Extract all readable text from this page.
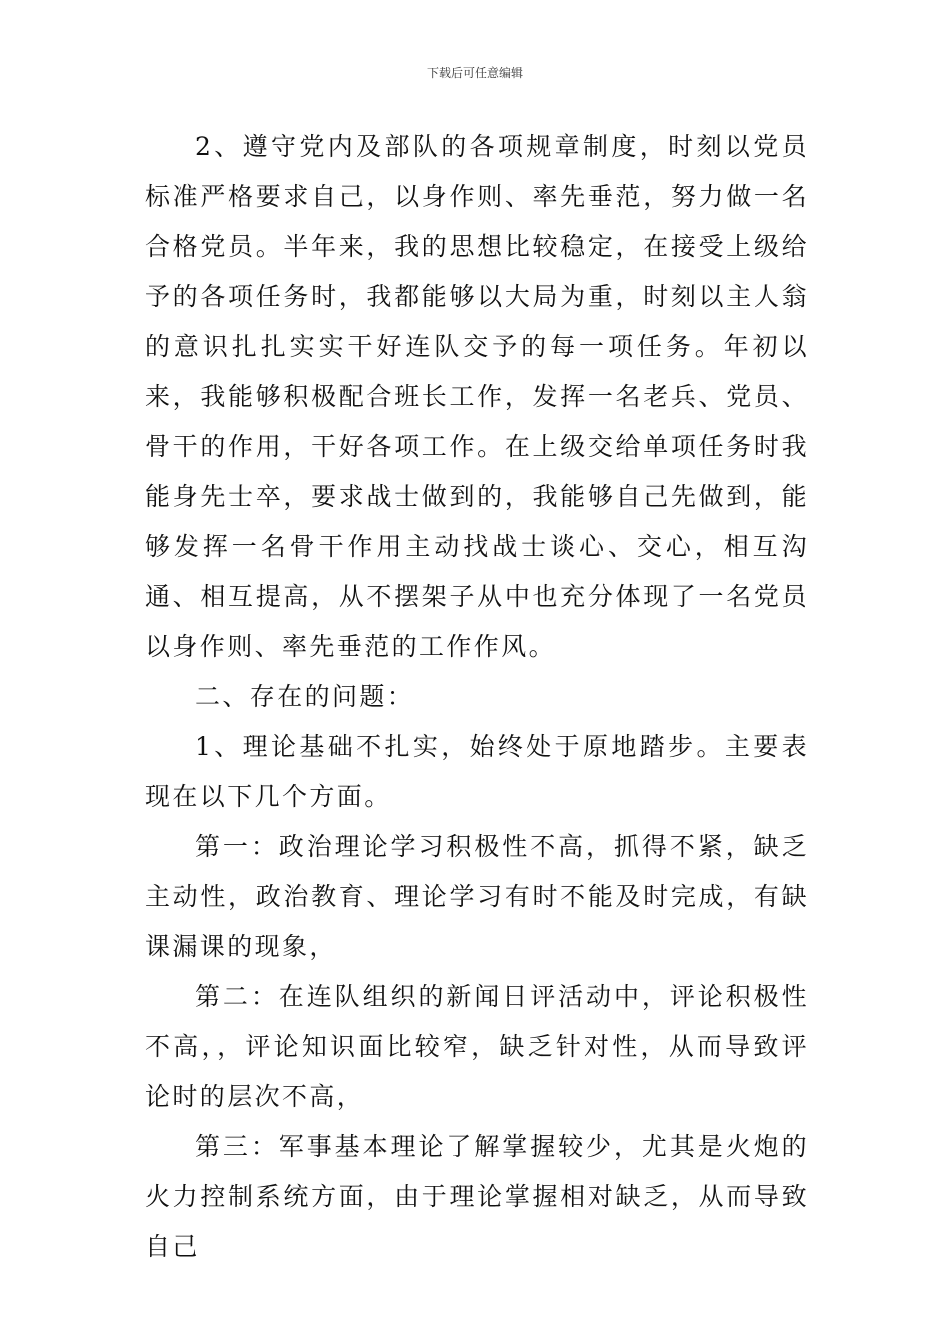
下载后可任意编辑

2、遵守党内及部队的各项规章制度，时刻以党员标准严格要求自己，以身作则、率先垂范，努力做一名合格党员。半年来，我的思想比较稳定，在接受上级给予的各项任务时，我都能够以大局为重，时刻以主人翁的意识扎扎实实干好连队交予的每一项任务。年初以来，我能够积极配合班长工作，发挥一名老兵、党员、骨干的作用，干好各项工作。在上级交给单项任务时我能身先士卒，要求战士做到的，我能够自己先做到，能够发挥一名骨干作用主动找战士谈心、交心，相互沟通、相互提高，从不摆架子从中也充分体现了一名党员以身作则、率先垂范的工作作风。

二、存在的问题：

1、理论基础不扎实，始终处于原地踏步。主要表现在以下几个方面。

第一：政治理论学习积极性不高，抓得不紧，缺乏主动性，政治教育、理论学习有时不能及时完成，有缺课漏课的现象，

第二：在连队组织的新闻日评活动中，评论积极性不高，，评论知识面比较窄，缺乏针对性，从而导致评论时的层次不高，

第三：军事基本理论了解掌握较少，尤其是火炮的火力控制系统方面，由于理论掌握相对缺乏，从而导致自己
